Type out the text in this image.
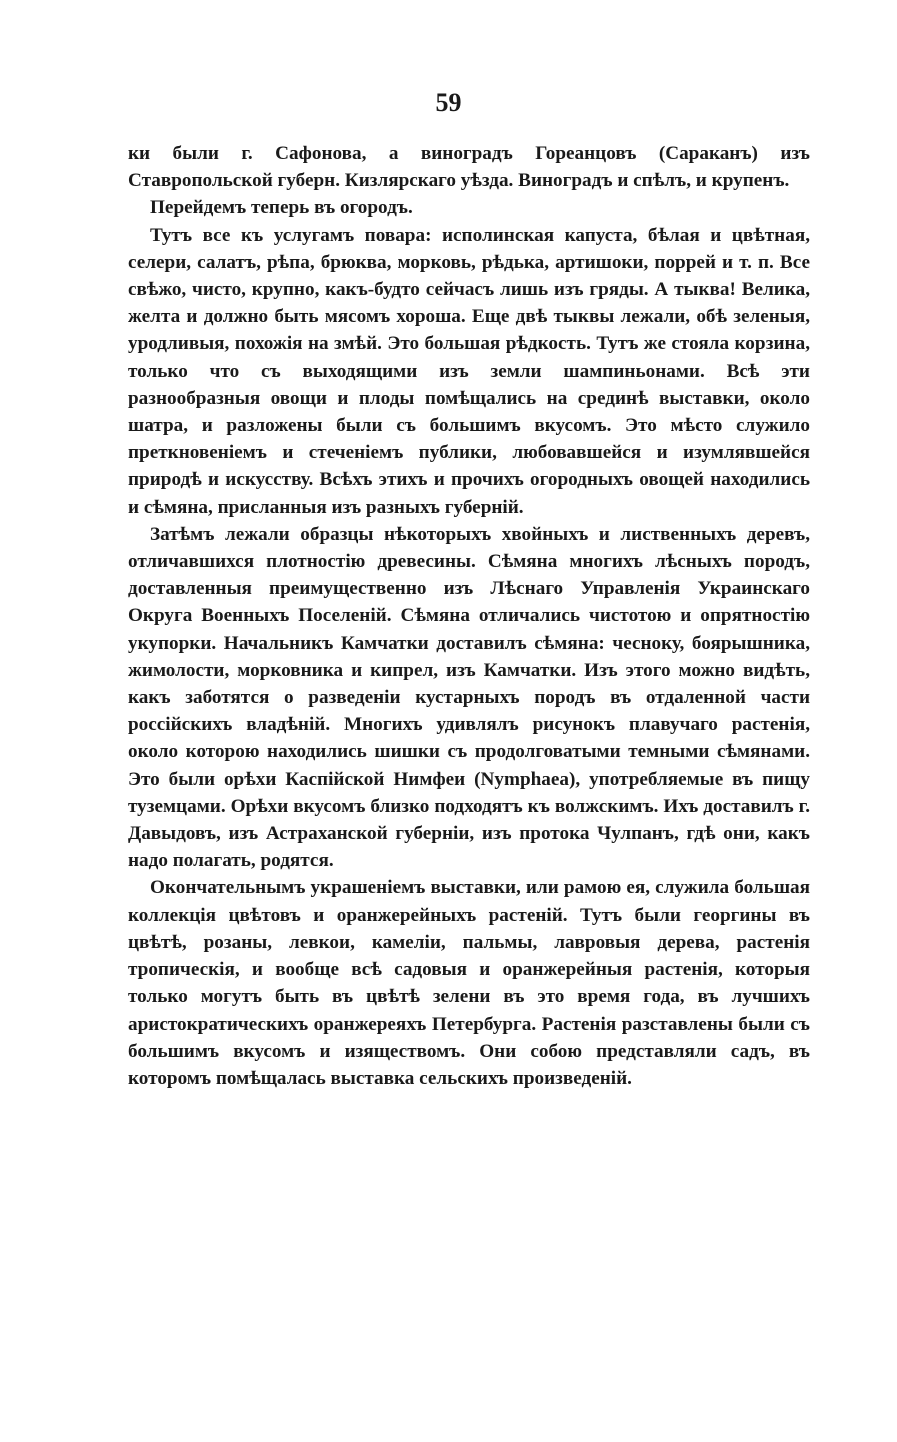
59

ки были г. Сафонова, а виноградъ Гореанцовъ (Сараканъ) изъ Ставропольской губерн. Кизлярскаго уѣзда. Виноградъ и спѣлъ, и крупенъ.

Перейдемъ теперь въ огородъ.

Тутъ все къ услугамъ повара: исполинская капуста, бѣлая и цвѣтная, селери, салатъ, рѣпа, брюква, морковь, рѣдька, артишоки, поррей и т. п. Все свѣжо, чисто, крупно, какъ-будто сейчасъ лишь изъ гряды. А тыква! Велика, желта и должно быть мясомъ хороша. Еще двѣ тыквы лежали, обѣ зеленыя, уродливыя, похожія на змѣй. Это большая рѣдкость. Тутъ же стояла корзина, только что съ выходящими изъ земли шампиньонами. Всѣ эти разнообразныя овощи и плоды помѣщались на срединѣ выставки, около шатра, и разложены были съ большимъ вкусомъ. Это мѣсто служило преткновеніемъ и стеченіемъ публики, любовавшейся и изумлявшейся природѣ и искусству. Всѣхъ этихъ и прочихъ огородныхъ овощей находились и сѣмяна, присланныя изъ разныхъ губерній.

Затѣмъ лежали образцы нѣкоторыхъ хвойныхъ и лиственныхъ деревъ, отличавшихся плотностію древесины. Сѣмяна многихъ лѣсныхъ породъ, доставленныя преимущественно изъ Лѣснаго Управленія Украинскаго Округа Военныхъ Поселеній. Сѣмяна отличались чистотою и опрятностію укупорки. Начальникъ Камчатки доставилъ сѣмяна: чесноку, боярышника, жимолости, морковника и кипрел, изъ Камчатки. Изъ этого можно видѣть, какъ заботятся о разведеніи кустарныхъ породъ въ отдаленной части россійскихъ владѣній. Многихъ удивлялъ рисунокъ плавучаго растенія, около которою находились шишки съ продолговатыми темными сѣмянами. Это были орѣхи Каспійской Нимфеи (Nymphaea), употребляемые въ пищу туземцами. Орѣхи вкусомъ близко подходятъ къ волжскимъ. Ихъ доставилъ г. Давыдовъ, изъ Астраханской губерніи, изъ протока Чулпанъ, гдѣ они, какъ надо полагать, родятся.

Окончательнымъ украшеніемъ выставки, или рамою ея, служила большая коллекція цвѣтовъ и оранжерейныхъ растеній. Тутъ были георгины въ цвѣтѣ, розаны, левкои, камеліи, пальмы, лавровыя дерева, растенія тропическія, и вообще всѣ садовыя и оранжерейныя растенія, которыя только могутъ быть въ цвѣтѣ зелени въ это время года, въ лучшихъ аристократическихъ оранжереяхъ Петербурга. Растенія разставлены были съ большимъ вкусомъ и изяществомъ. Они собою представляли садъ, въ которомъ помѣщалась выставка сельскихъ произведеній.
